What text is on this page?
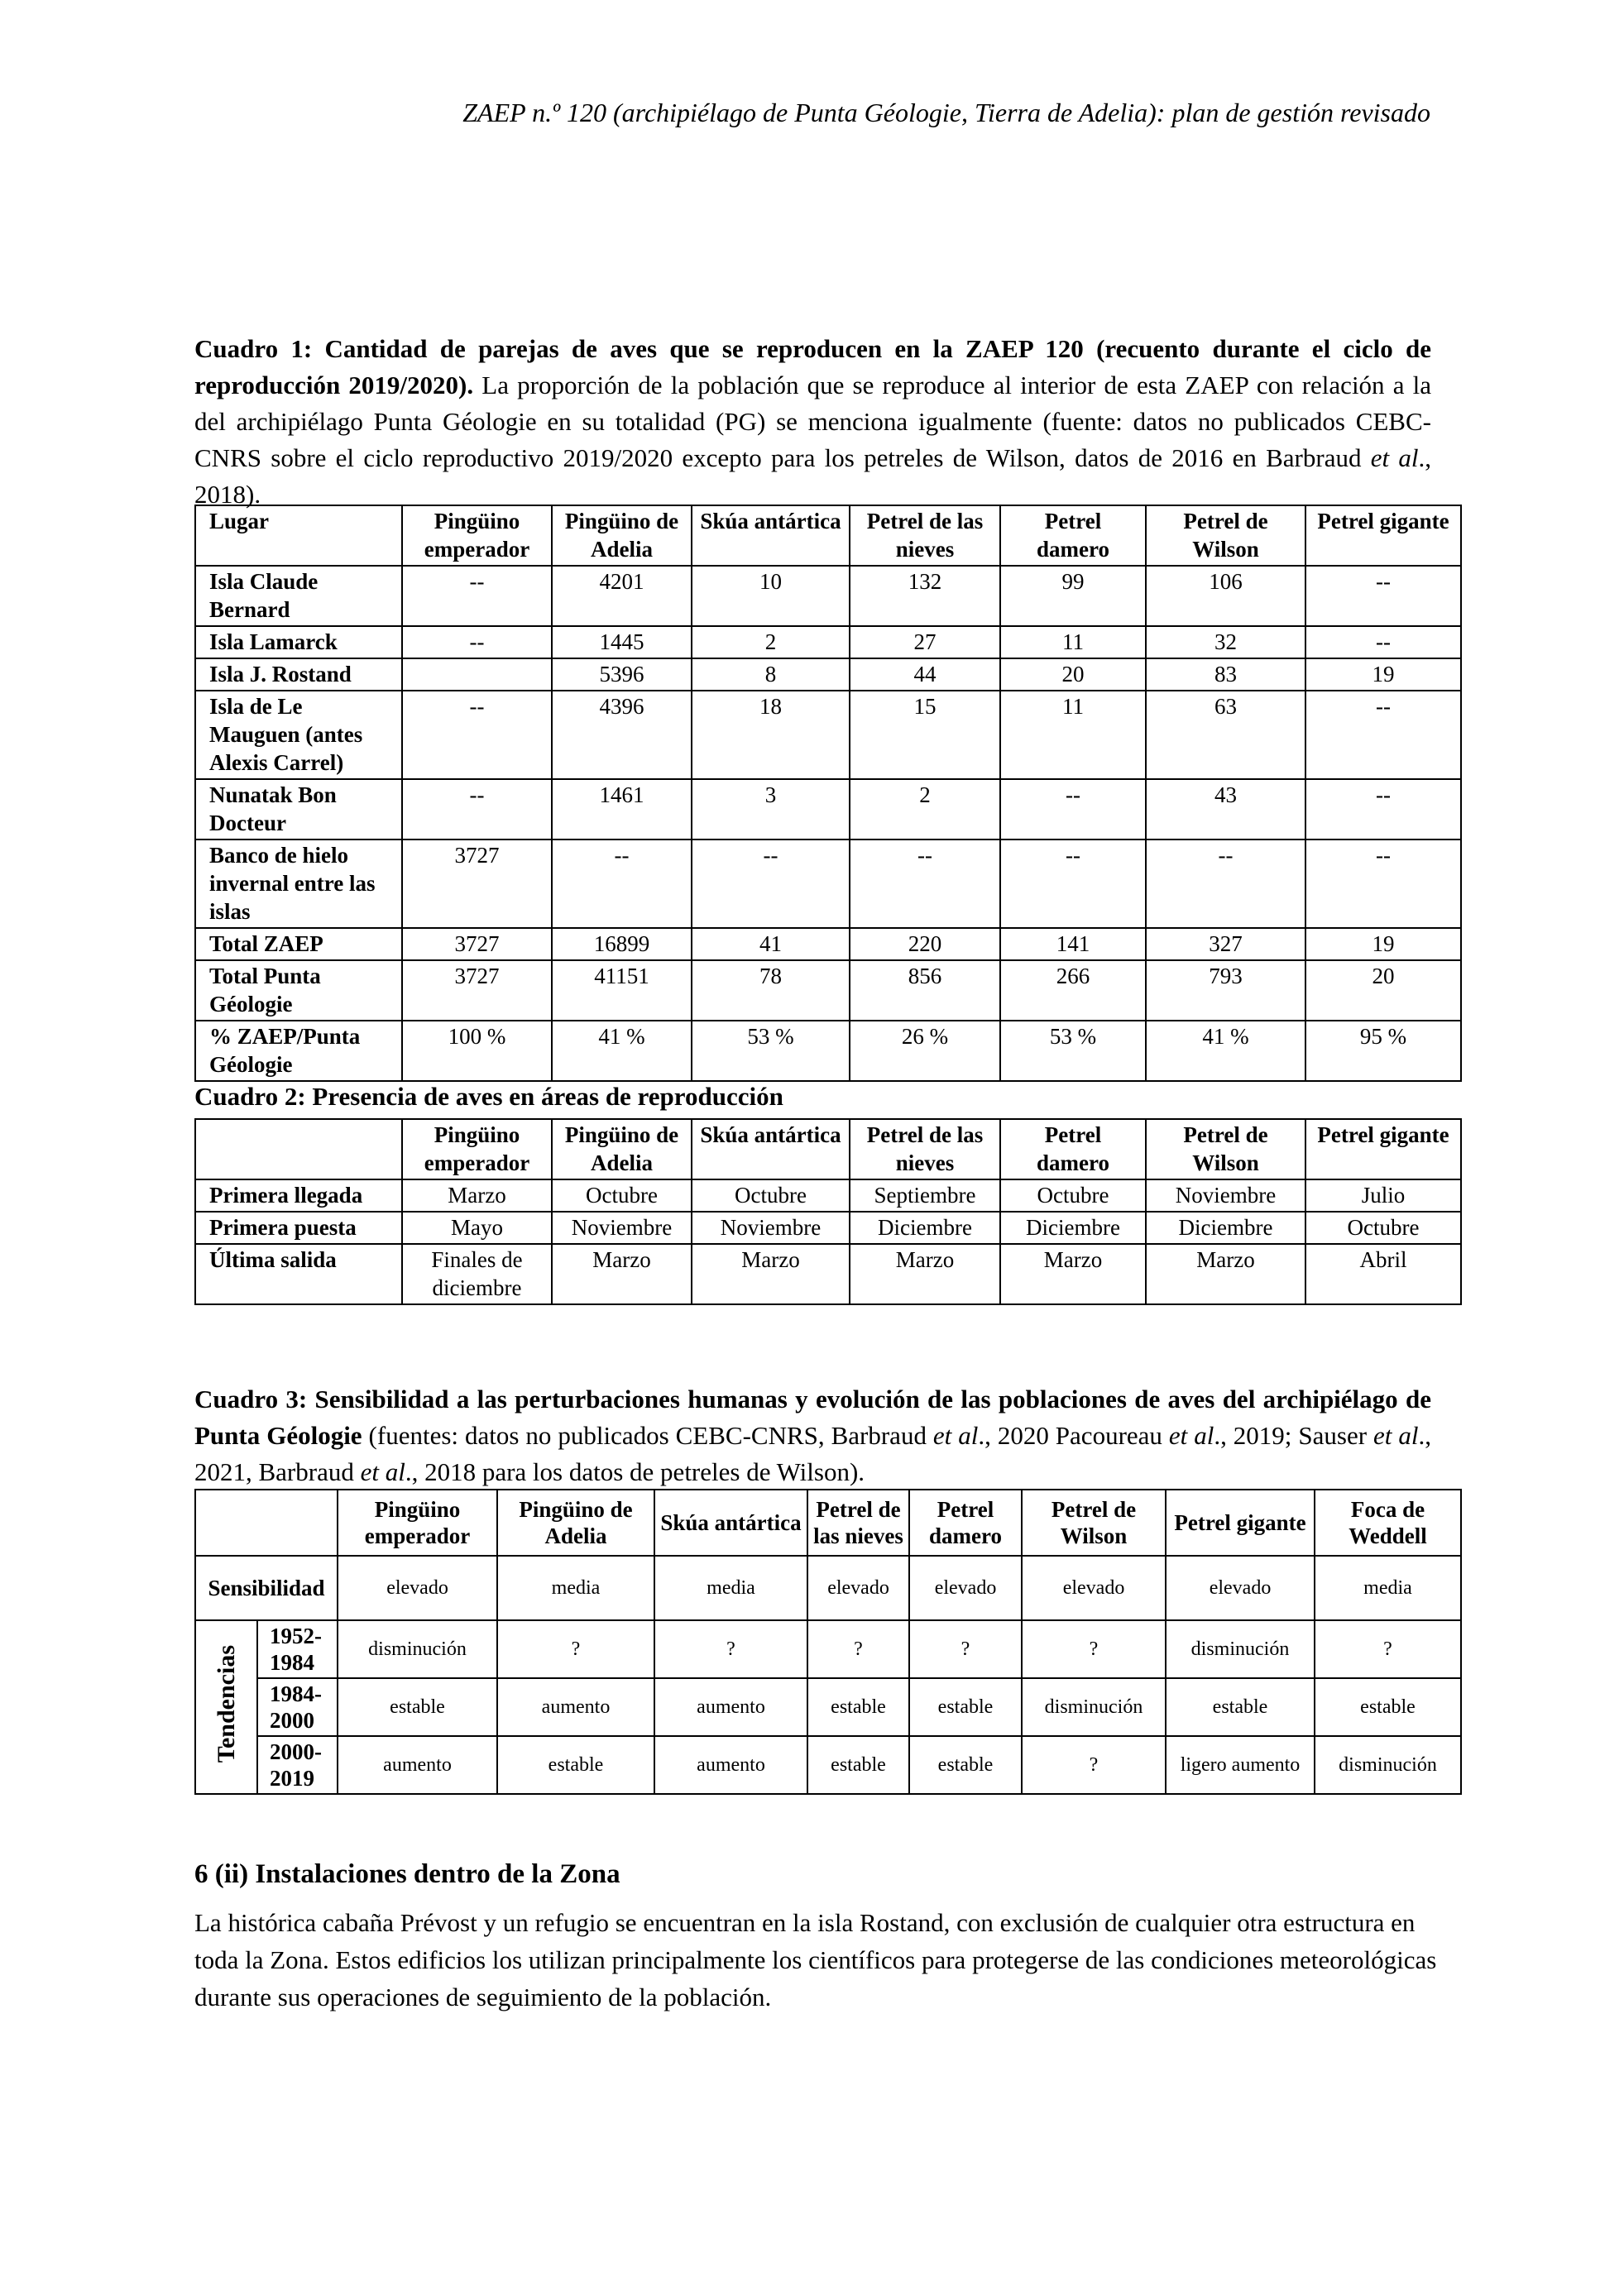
ZAEP n.º 120 (archipiélago de Punta Géologie, Tierra de Adelia): plan de gestión revisado

Cuadro 1: Cantidad de parejas de aves que se reproducen en la ZAEP 120 (recuento durante el ciclo de reproducción 2019/2020). La proporción de la población que se reproduce al interior de esta ZAEP con relación a la del archipiélago Punta Géologie en su totalidad (PG) se menciona igualmente (fuente: datos no publicados CEBC-CNRS sobre el ciclo reproductivo 2019/2020 excepto para los petreles de Wilson, datos de 2016 en Barbraud et al., 2018).

Lugar	Pingüino emperador	Pingüino de Adelia	Skúa antártica	Petrel de las nieves	Petrel damero	Petrel de Wilson	Petrel gigante
Isla Claude Bernard	--	4201	10	132	99	106	--
Isla Lamarck	--	1445	2	27	11	32	--
Isla J. Rostand		5396	8	44	20	83	19
Isla de Le Mauguen (antes Alexis Carrel)	--	4396	18	15	11	63	--
Nunatak Bon Docteur	--	1461	3	2	--	43	--
Banco de hielo invernal entre las islas	3727	--	--	--	--	--	--
Total ZAEP	3727	16899	41	220	141	327	19
Total Punta Géologie	3727	41151	78	856	266	793	20
% ZAEP/Punta Géologie	100 %	41 %	53 %	26 %	53 %	41 %	95 %

Cuadro 2: Presencia de aves en áreas de reproducción

	Pingüino emperador	Pingüino de Adelia	Skúa antártica	Petrel de las nieves	Petrel damero	Petrel de Wilson	Petrel gigante
Primera llegada	Marzo	Octubre	Octubre	Septiembre	Octubre	Noviembre	Julio
Primera puesta	Mayo	Noviembre	Noviembre	Diciembre	Diciembre	Diciembre	Octubre
Última salida	Finales de diciembre	Marzo	Marzo	Marzo	Marzo	Marzo	Abril

Cuadro 3: Sensibilidad a las perturbaciones humanas y evolución de las poblaciones de aves del archipiélago de Punta Géologie (fuentes: datos no publicados CEBC-CNRS, Barbraud et al., 2020 Pacoureau et al., 2019; Sauser et al., 2021, Barbraud et al., 2018 para los datos de petreles de Wilson).

		Pingüino emperador	Pingüino de Adelia	Skúa antártica	Petrel de las nieves	Petrel damero	Petrel de Wilson	Petrel gigante	Foca de Weddell
Sensibilidad		elevado	media	media	elevado	elevado	elevado	elevado	media
Tendencias	1952-1984	disminución	?	?	?	?	?	disminución	?
	1984-2000	estable	aumento	aumento	estable	estable	disminución	estable	estable
	2000-2019	aumento	estable	aumento	estable	estable	?	ligero aumento	disminución
6 (ii) Instalaciones dentro de la Zona

La histórica cabaña Prévost y un refugio se encuentran en la isla Rostand, con exclusión de cualquier otra estructura en toda la Zona. Estos edificios los utilizan principalmente los científicos para protegerse de las condiciones meteorológicas durante sus operaciones de seguimiento de la población.
